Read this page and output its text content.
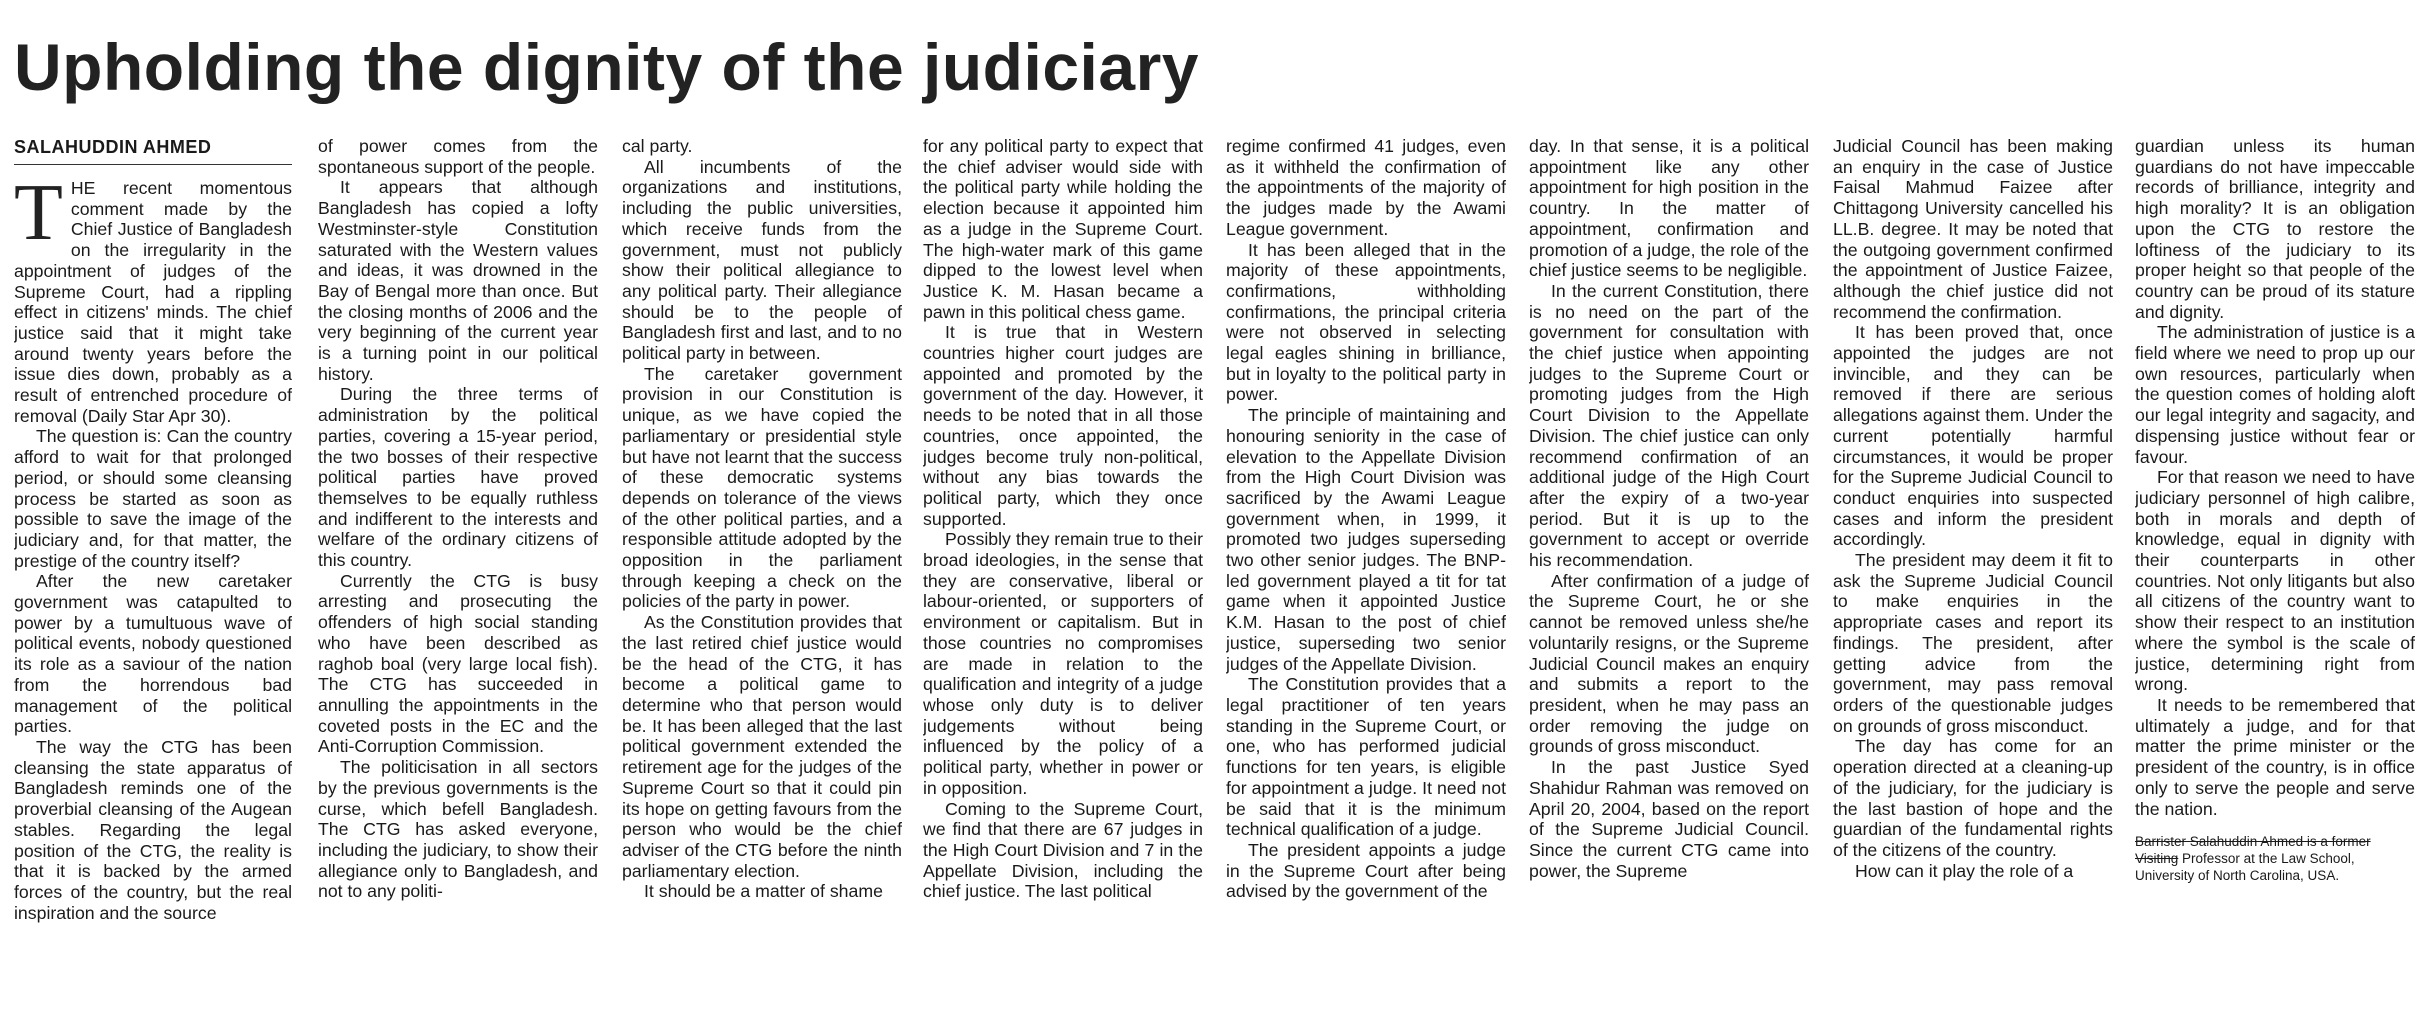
Upholding the dignity of the judiciary
SALAHUDDIN AHMED

THE recent momentous comment made by the Chief Justice of Bangladesh on the irregularity in the appointment of judges of the Supreme Court, had a rippling effect in citizens' minds. The chief justice said that it might take around twenty years before the issue dies down, probably as a result of entrenched procedure of removal (Daily Star Apr 30).

The question is: Can the country afford to wait for that prolonged period, or should some cleansing process be started as soon as possible to save the image of the judiciary and, for that matter, the prestige of the country itself?

After the new caretaker government was catapulted to power by a tumultuous wave of political events, nobody questioned its role as a saviour of the nation from the horrendous bad management of the political parties.

The way the CTG has been cleansing the state apparatus of Bangladesh reminds one of the proverbial cleansing of the Augean stables. Regarding the legal position of the CTG, the reality is that it is backed by the armed forces of the country, but the real inspiration and the source

of power comes from the spontaneous support of the people.

It appears that although Bangladesh has copied a lofty Westminster-style Constitution saturated with the Western values and ideas, it was drowned in the Bay of Bengal more than once. But the closing months of 2006 and the very beginning of the current year is a turning point in our political history.

During the three terms of administration by the political parties, covering a 15-year period, the two bosses of their respective political parties have proved themselves to be equally ruthless and indifferent to the interests and welfare of the ordinary citizens of this country.

Currently the CTG is busy arresting and prosecuting the offenders of high social standing who have been described as raghob boal (very large local fish). The CTG has succeeded in annulling the appointments in the coveted posts in the EC and the Anti-Corruption Commission.

The politicisation in all sectors by the previous governments is the curse, which befell Bangladesh. The CTG has asked everyone, including the judiciary, to show their allegiance only to Bangladesh, and not to any politi-

cal party.

All incumbents of the organizations and institutions, including the public universities, which receive funds from the government, must not publicly show their political allegiance to any political party. Their allegiance should be to the people of Bangladesh first and last, and to no political party in between.

The caretaker government provision in our Constitution is unique, as we have copied the parliamentary or presidential style but have not learnt that the success of these democratic systems depends on tolerance of the views of the other political parties, and a responsible attitude adopted by the opposition in the parliament through keeping a check on the policies of the party in power.

As the Constitution provides that the last retired chief justice would be the head of the CTG, it has become a political game to determine who that person would be. It has been alleged that the last political government extended the retirement age for the judges of the Supreme Court so that it could pin its hope on getting favours from the person who would be the chief adviser of the CTG before the ninth parliamentary election.

It should be a matter of shame

for any political party to expect that the chief adviser would side with the political party while holding the election because it appointed him as a judge in the Supreme Court. The high-water mark of this game dipped to the lowest level when Justice K. M. Hasan became a pawn in this political chess game.

It is true that in Western countries higher court judges are appointed and promoted by the government of the day. However, it needs to be noted that in all those countries, once appointed, the judges become truly non-political, without any bias towards the political party, which they once supported.

Possibly they remain true to their broad ideologies, in the sense that they are conservative, liberal or labour-oriented, or supporters of environment or capitalism. But in those countries no compromises are made in relation to the qualification and integrity of a judge whose only duty is to deliver judgements without being influenced by the policy of a political party, whether in power or in opposition.

Coming to the Supreme Court, we find that there are 67 judges in the High Court Division and 7 in the Appellate Division, including the chief justice. The last political

regime confirmed 41 judges, even as it withheld the confirmation of the appointments of the majority of the judges made by the Awami League government.

It has been alleged that in the majority of these appointments, confirmations, withholding confirmations, the principal criteria were not observed in selecting legal eagles shining in brilliance, but in loyalty to the political party in power.

The principle of maintaining and honouring seniority in the case of elevation to the Appellate Division from the High Court Division was sacrificed by the Awami League government when, in 1999, it promoted two judges superseding two other senior judges. The BNP-led government played a tit for tat game when it appointed Justice K.M. Hasan to the post of chief justice, superseding two senior judges of the Appellate Division.

The Constitution provides that a legal practitioner of ten years standing in the Supreme Court, or one, who has performed judicial functions for ten years, is eligible for appointment a judge. It need not be said that it is the minimum technical qualification of a judge.

The president appoints a judge in the Supreme Court after being advised by the government of the

day. In that sense, it is a political appointment like any other appointment for high position in the country. In the matter of appointment, confirmation and promotion of a judge, the role of the chief justice seems to be negligible.

In the current Constitution, there is no need on the part of the government for consultation with the chief justice when appointing judges to the Supreme Court or promoting judges from the High Court Division to the Appellate Division. The chief justice can only recommend confirmation of an additional judge of the High Court after the expiry of a two-year period. But it is up to the government to accept or override his recommendation.

After confirmation of a judge of the Supreme Court, he or she cannot be removed unless she/he voluntarily resigns, or the Supreme Judicial Council makes an enquiry and submits a report to the president, when he may pass an order removing the judge on grounds of gross misconduct.

In the past Justice Syed Shahidur Rahman was removed on April 20, 2004, based on the report of the Supreme Judicial Council. Since the current CTG came into power, the Supreme

Judicial Council has been making an enquiry in the case of Justice Faisal Mahmud Faizee after Chittagong University cancelled his LL.B. degree. It may be noted that the outgoing government confirmed the appointment of Justice Faizee, although the chief justice did not recommend the confirmation.

It has been proved that, once appointed the judges are not invincible, and they can be removed if there are serious allegations against them. Under the current potentially harmful circumstances, it would be proper for the Supreme Judicial Council to conduct enquiries into suspected cases and inform the president accordingly.

The president may deem it fit to ask the Supreme Judicial Council to make enquiries in the appropriate cases and report its findings. The president, after getting advice from the government, may pass removal orders of the questionable judges on grounds of gross misconduct.

The day has come for an operation directed at a cleaning-up of the judiciary, for the judiciary is the last bastion of hope and the guardian of the fundamental rights of the citizens of the country.

How can it play the role of a

guardian unless its human guardians do not have impeccable records of brilliance, integrity and high morality? It is an obligation upon the CTG to restore the loftiness of the judiciary to its proper height so that people of the country can be proud of its stature and dignity.

The administration of justice is a field where we need to prop up our own resources, particularly when the question comes of holding aloft our legal integrity and sagacity, and dispensing justice without fear or favour.

For that reason we need to have judiciary personnel of high calibre, both in morals and depth of knowledge, equal in dignity with their counterparts in other countries. Not only litigants but also all citizens of the country want to show their respect to an institution where the symbol is the scale of justice, determining right from wrong.

It needs to be remembered that ultimately a judge, and for that matter the prime minister or the president of the country, is in office only to serve the people and serve the nation.

Barrister Salahuddin Ahmed is a former Visiting Professor at the Law School, University of North Carolina, USA.
